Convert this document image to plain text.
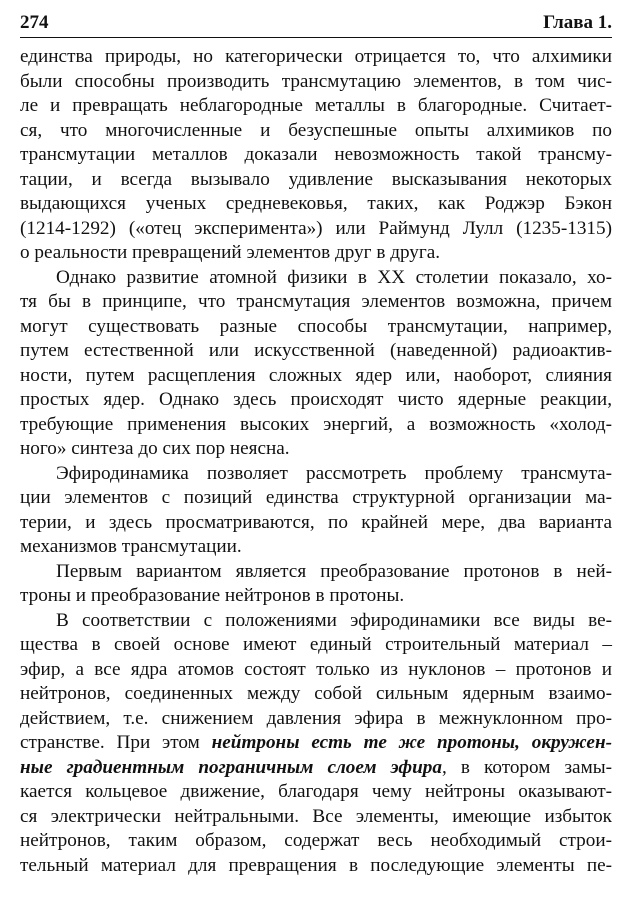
274	Глава 1.
единства природы, но категорически отрицается то, что алхимики
были способны производить трансмутацию элементов, в том чис-
ле и превращать неблагородные металлы в благородные. Считает-
ся, что многочисленные и безуспешные опыты алхимиков по
трансмутации металлов доказали невозможность такой трансму-
тации, и всегда вызывало удивление высказывания некоторых
выдающихся ученых средневековья, таких, как Роджэр Бэкон
(1214-1292) («отец эксперимента») или Раймунд Лулл (1235-1315)
о реальности превращений элементов друг в друга.
Однако развитие атомной физики в XX столетии показало, хо-
тя бы в принципе, что трансмутация элементов возможна, причем
могут существовать разные способы трансмутации, например,
путем естественной или искусственной (наведенной) радиоактив-
ности, путем расщепления сложных ядер или, наоборот, слияния
простых ядер. Однако здесь происходят чисто ядерные реакции,
требующие применения высоких энергий, а возможность «холод-
ного» синтеза до сих пор неясна.
Эфиродинамика позволяет рассмотреть проблему трансмута-
ции элементов с позиций единства структурной организации ма-
терии, и здесь просматриваются, по крайней мере, два варианта
механизмов трансмутации.
Первым вариантом является преобразование протонов в ней-
троны и преобразование нейтронов в протоны.
В соответствии с положениями эфиродинамики все виды ве-
щества в своей основе имеют единый строительный материал –
эфир, а все ядра атомов состоят только из нуклонов – протонов и
нейтронов, соединенных между собой сильным ядерным взаимо-
действием, т.е. снижением давления эфира в межнуклонном про-
странстве. При этом нейтроны есть те же протоны, окружен-
ные градиентным пограничным слоем эфира, в котором замы-
кается кольцевое движение, благодаря чему нейтроны оказывают-
ся электрически нейтральными. Все элементы, имеющие избыток
нейтронов, таким образом, содержат весь необходимый строи-
тельный материал для превращения в последующие элементы пе-
